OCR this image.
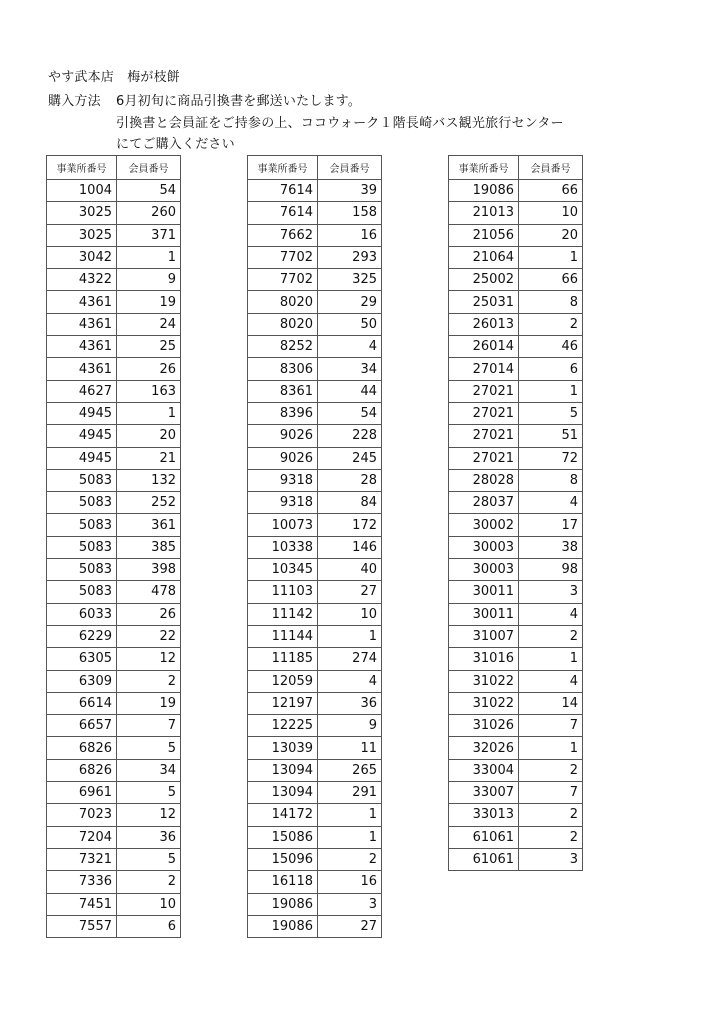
やす武本店　梅が枝餅
購入方法 6月初旬に商品引換書を郵送いたします。
引換書と会員証をご持参の上、ココウォーク１階長崎バス観光旅行センター
にてご購入ください
事業所番号	会員番号
1004	54
3025	260
3025	371
3042	1
4322	9
4361	19
4361	24
4361	25
4361	26
4627	163
4945	1
4945	20
4945	21
5083	132
5083	252
5083	361
5083	385
5083	398
5083	478
6033	26
6229	22
6305	12
6309	2
6614	19
6657	7
6826	5
6826	34
6961	5
7023	12
7204	36
7321	5
7336	2
7451	10
7557	6
事業所番号	会員番号
7614	39
7614	158
7662	16
7702	293
7702	325
8020	29
8020	50
8252	4
8306	34
8361	44
8396	54
9026	228
9026	245
9318	28
9318	84
10073	172
10338	146
10345	40
11103	27
11142	10
11144	1
11185	274
12059	4
12197	36
12225	9
13039	11
13094	265
13094	291
14172	1
15086	1
15096	2
16118	16
19086	3
19086	27
事業所番号	会員番号
19086	66
21013	10
21056	20
21064	1
25002	66
25031	8
26013	2
26014	46
27014	6
27021	1
27021	5
27021	51
27021	72
28028	8
28037	4
30002	17
30003	38
30003	98
30011	3
30011	4
31007	2
31016	1
31022	4
31022	14
31026	7
32026	1
33004	2
33007	7
33013	2
61061	2
61061	3
